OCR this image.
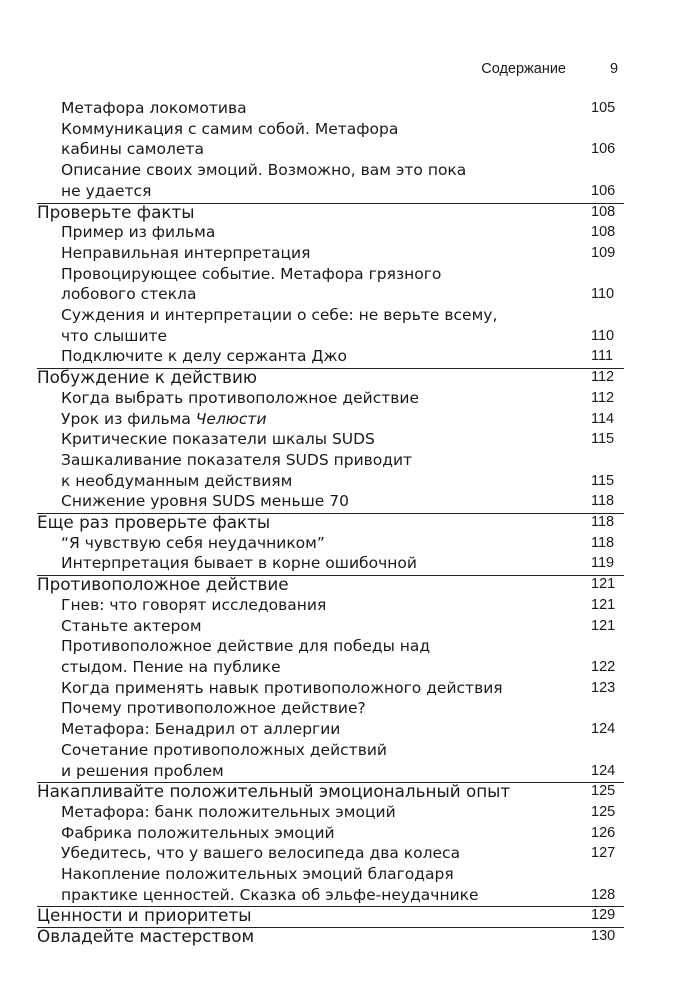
Содержание	9
Метафора локомотива	105
Коммуникация с самим собой. Метафора
кабины самолета	106
Описание своих эмоций. Возможно, вам это пока
не удается	106
Проверьте факты	108
Пример из фильма	108
Неправильная интерпретация	109
Провоцирующее событие. Метафора грязного
лобового стекла	110
Суждения и интерпретации о себе: не верьте всему,
что слышите	110
Подключите к делу сержанта Джо	111
Побуждение к действию	112
Когда выбрать противоположное действие	112
Урок из фильма Челюсти	114
Критические показатели шкалы SUDS	115
Зашкаливание показателя SUDS приводит
к необдуманным действиям	115
Снижение уровня SUDS меньше 70	118
Еще раз проверьте факты	118
“Я чувствую себя неудачником”	118
Интерпретация бывает в корне ошибочной	119
Противоположное действие	121
Гнев: что говорят исследования	121
Станьте актером	121
Противоположное действие для победы над
стыдом. Пение на публике	122
Когда применять навык противоположного действия	123
Почему противоположное действие?
Метафора: Бенадрил от аллергии	124
Сочетание противоположных действий
и решения проблем	124
Накапливайте положительный эмоциональный опыт	125
Метафора: банк положительных эмоций	125
Фабрика положительных эмоций	126
Убедитесь, что у вашего велосипеда два колеса	127
Накопление положительных эмоций благодаря
практике ценностей. Сказка об эльфе-неудачнике	128
Ценности и приоритеты	129
Овладейте мастерством	130
